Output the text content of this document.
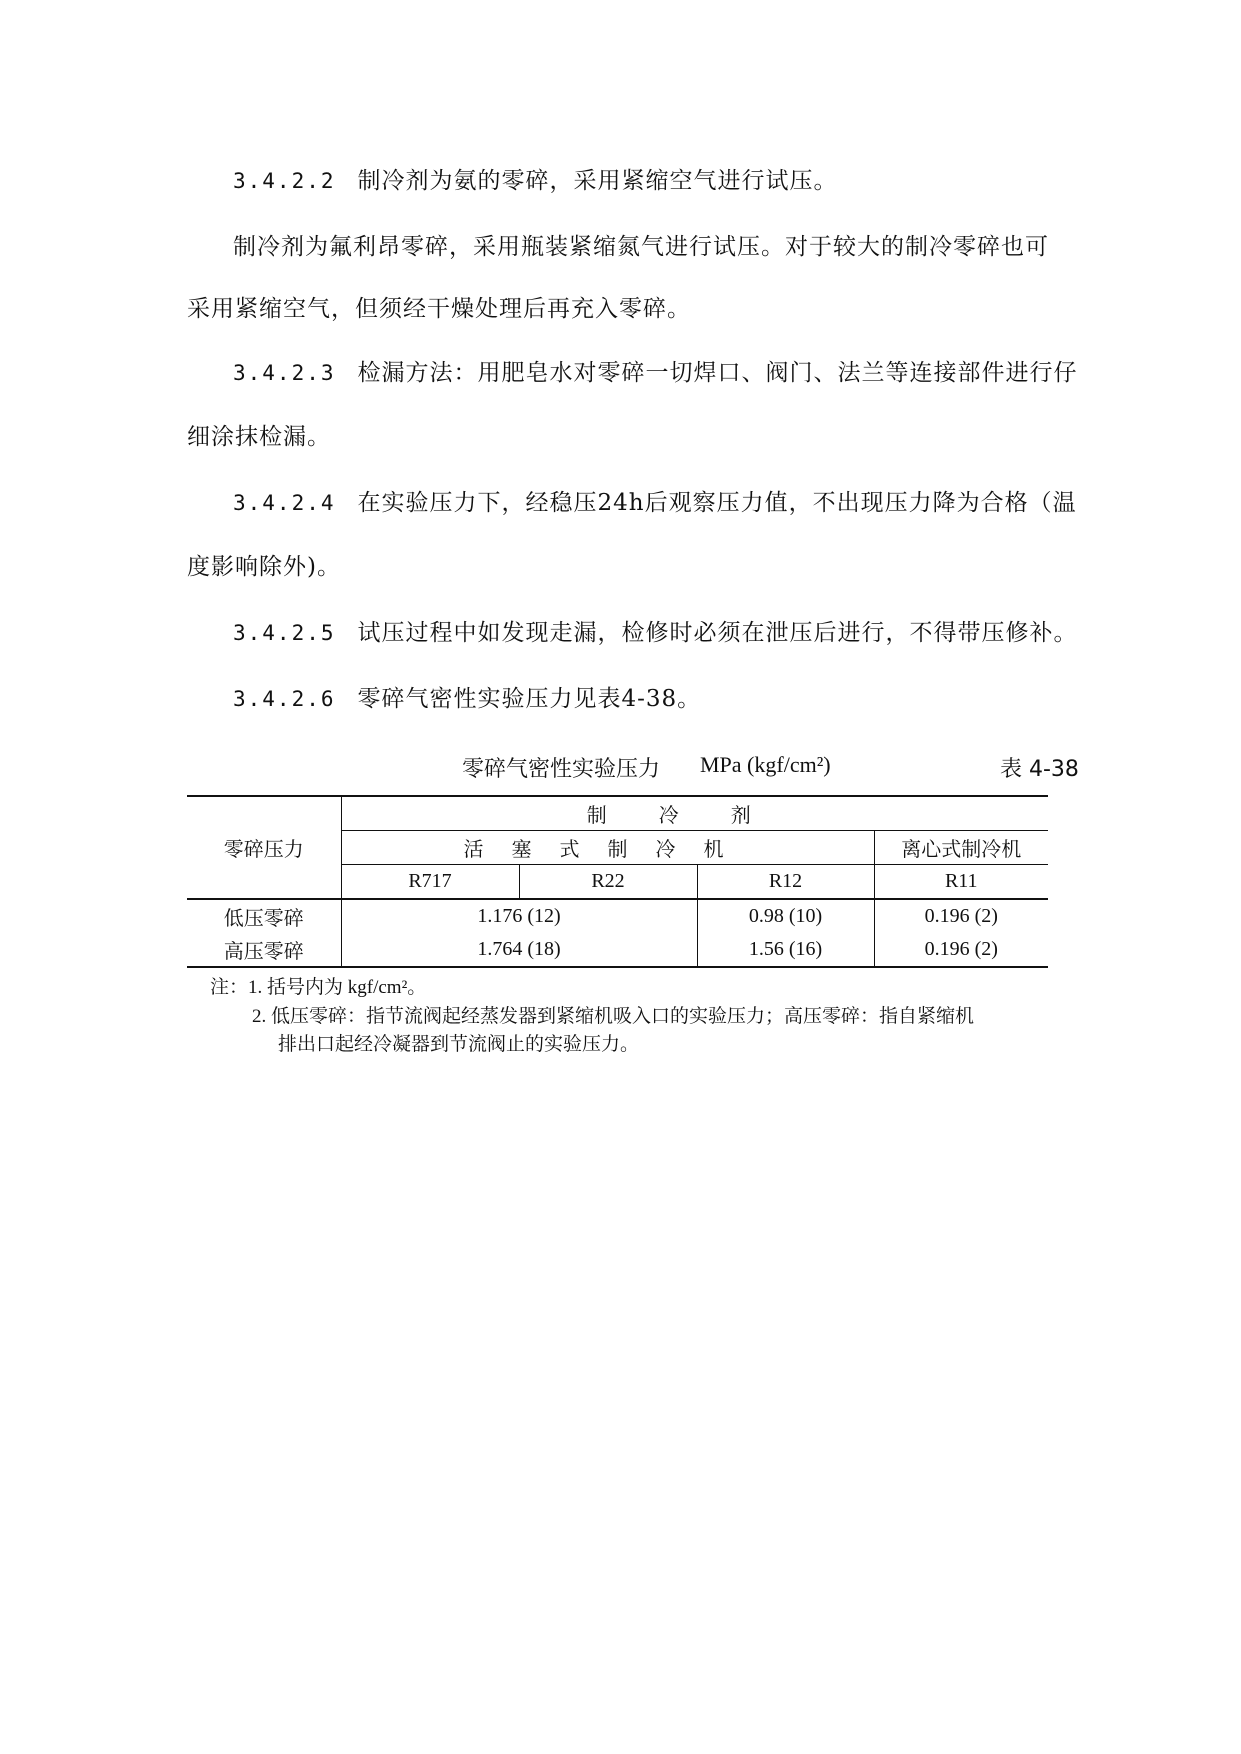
3.4.2.2 制冷剂为氨的零碎，采用紧缩空气进行试压。
制冷剂为氟利昂零碎，采用瓶装紧缩氮气进行试压。对于较大的制冷零碎也可
采用紧缩空气，但须经干燥处理后再充入零碎。
3.4.2.3 检漏方法：用肥皂水对零碎一切焊口、阀门、法兰等连接部件进行仔
细涂抹检漏。
3.4.2.4 在实验压力下，经稳压24h后观察压力值，不出现压力降为合格（温
度影响除外)。
3.4.2.5 试压过程中如发现走漏，检修时必须在泄压后进行，不得带压修补。
3.4.2.6 零碎气密性实验压力见表4-38。
零碎气密性实验压力 MPa (kgf/cm²)	表 4-38
零碎压力	制冷剂			
	活塞式制冷机			离心式制冷机
	R717	R22	R12	R11
低压零碎	1.176 (12)		0.98 (10)	0.196 (2)
高压零碎	1.764 (18)		1.56 (16)	0.196 (2)
注：1. 括号内为 kgf/cm²。
2. 低压零碎：指节流阀起经蒸发器到紧缩机吸入口的实验压力；高压零碎：指自紧缩机
排出口起经冷凝器到节流阀止的实验压力。
